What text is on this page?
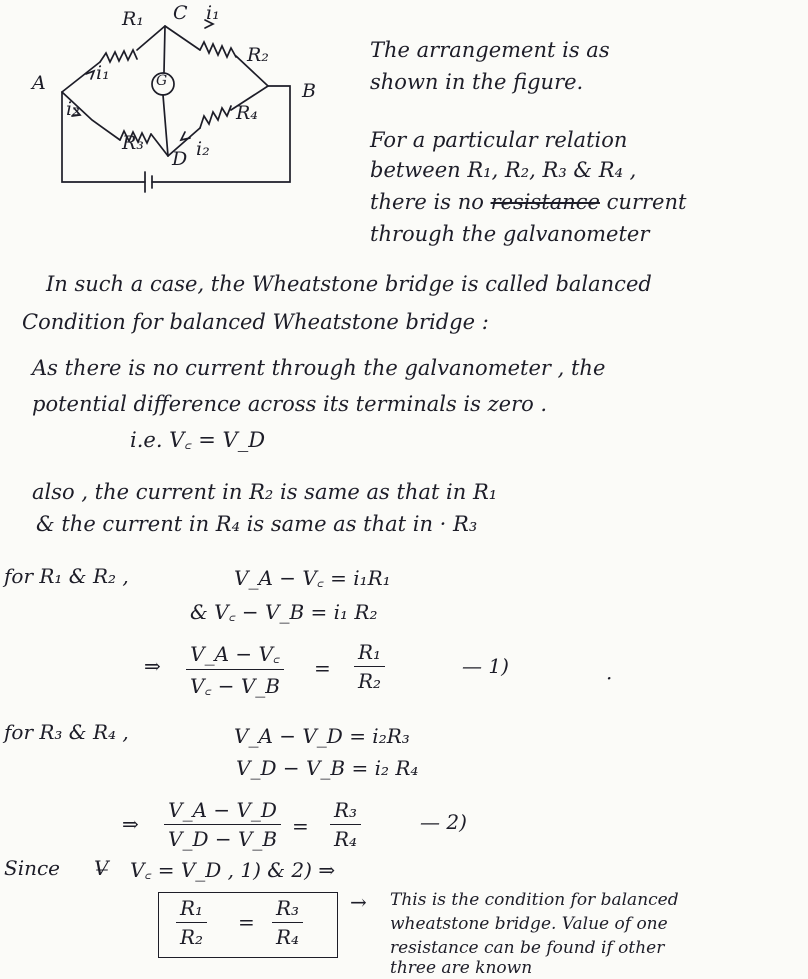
R₁ C i₁
R₂
A	i₁	G	B
i₂	R₄
R₃
D i₂
The arrangement is as
shown in the figure.
For a particular relation
between R₁, R₂, R₃ & R₄ ,
there is no resistance current
through the galvanometer
In such a case, the Wheatstone bridge is called balanced
Condition for balanced Wheatstone bridge :
As there is no current through the galvanometer , the
potential difference across its terminals is zero .
i.e. V꜀ = V_D
also , the current in R₂ is same as that in R₁
& the current in R₄ is same as that in · R₃
for R₁ & R₂ ,	V_A − V꜀ = i₁R₁
& V꜀ − V_B = i₁ R₂
⇒ $\frac{V\_A - V꜀}{V꜀ - V\_B} = \frac{\text{R₁}}{\text{R₂}}$	— 1)	·
for R₃ & R₄ ,	V_A − V_D = i₂R₃
V_D − V_B = i₂ R₄
⇒ $\frac{V\_A - V\_D}{V\_D - V\_B} = \frac{\text{R₃}}{\text{R₄}}$	— 2)
Since V̶ V꜀ = V_D , 1) & 2) ⇒
$\frac{\text{R₁}}{\text{R₂}} = \frac{\text{R₃}}{\text{R₄}}$ → This is the condition for balanced
wheatstone bridge. Value of one
resistance can be found if other
three are known
